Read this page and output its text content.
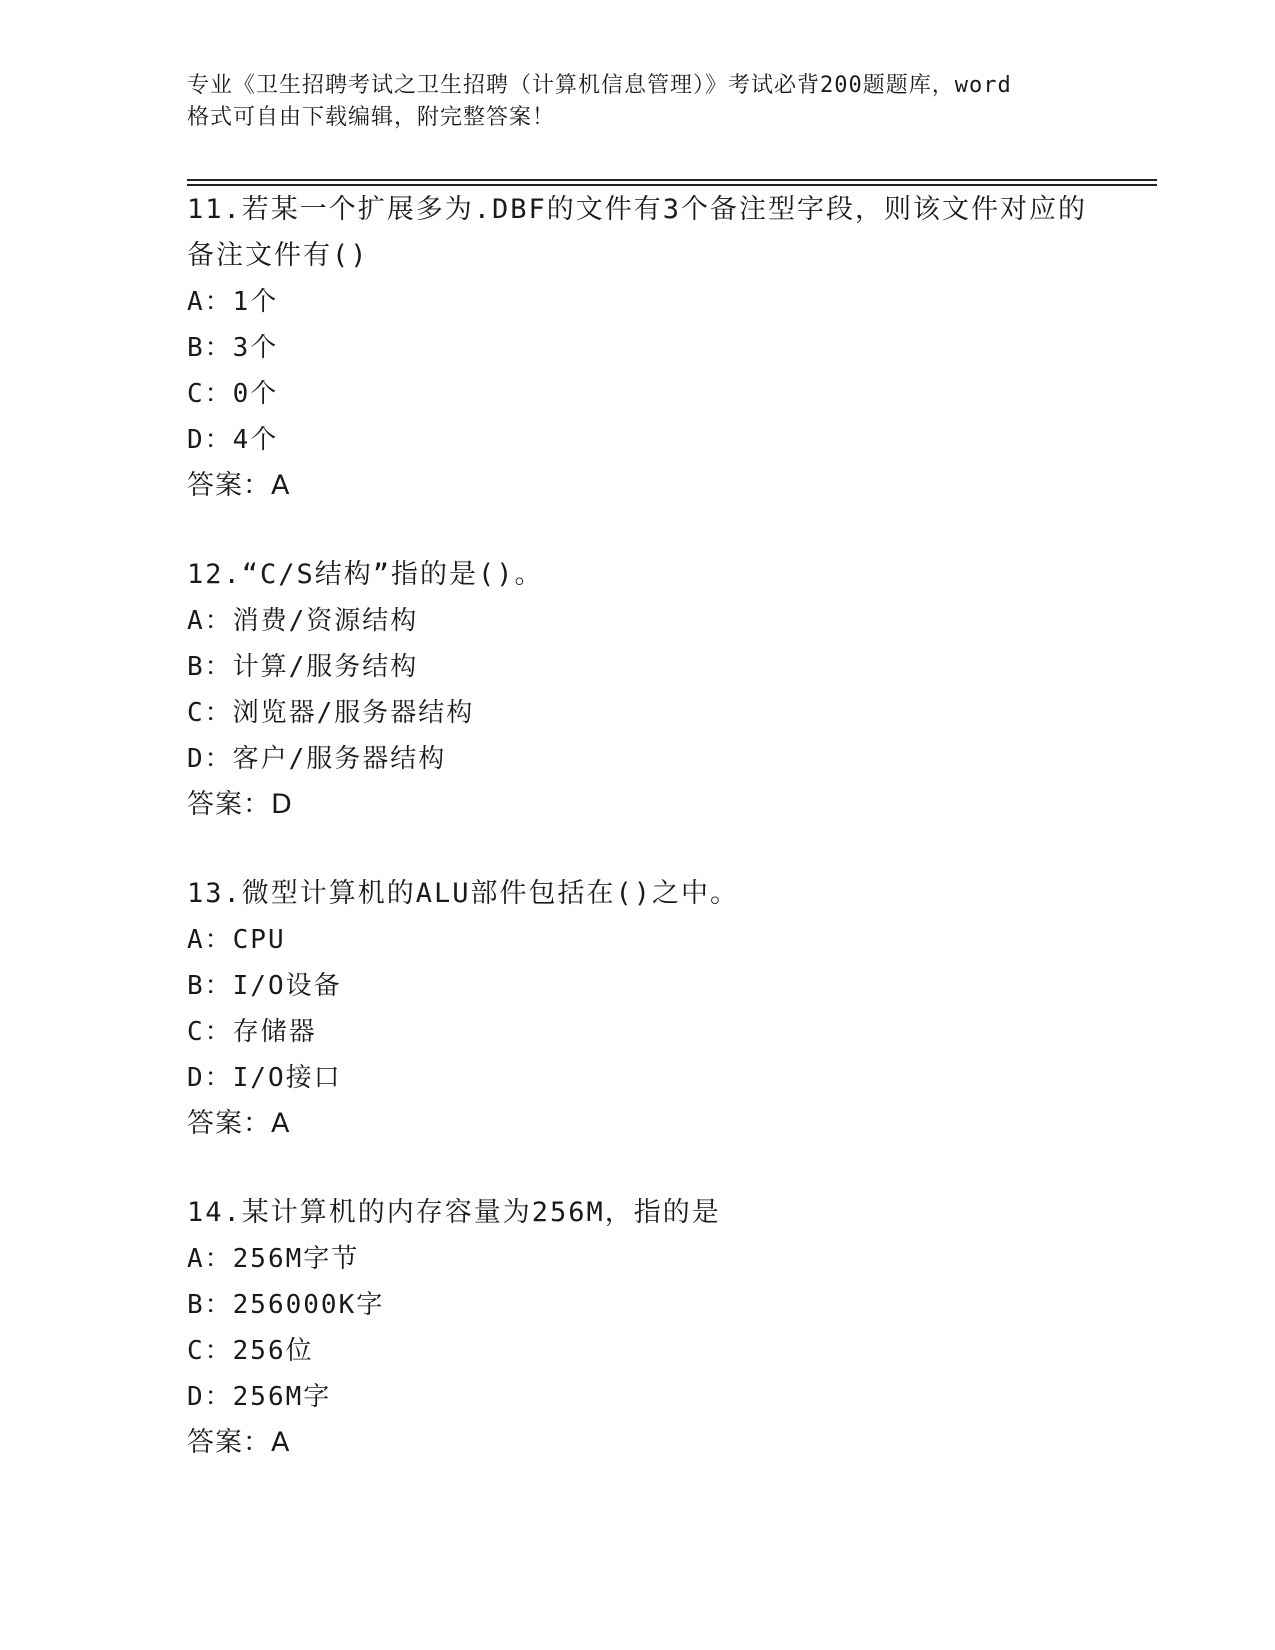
专业《卫生招聘考试之卫生招聘（计算机信息管理）》考试必背200题题库，word
格式可自由下载编辑，附完整答案！
11.若某一个扩展多为.DBF的文件有3个备注型字段，则该文件对应的
备注文件有()
A：1个
B：3个
C：0个
D：4个
答案：A
12.“C/S结构”指的是()。
A：消费/资源结构
B：计算/服务结构
C：浏览器/服务器结构
D：客户/服务器结构
答案：D
13.微型计算机的ALU部件包括在()之中。
A：CPU
B：I/O设备
C：存储器
D：I/O接口
答案：A
14.某计算机的内存容量为256M，指的是
A：256M字节
B：256000K字
C：256位
D：256M字
答案：A
